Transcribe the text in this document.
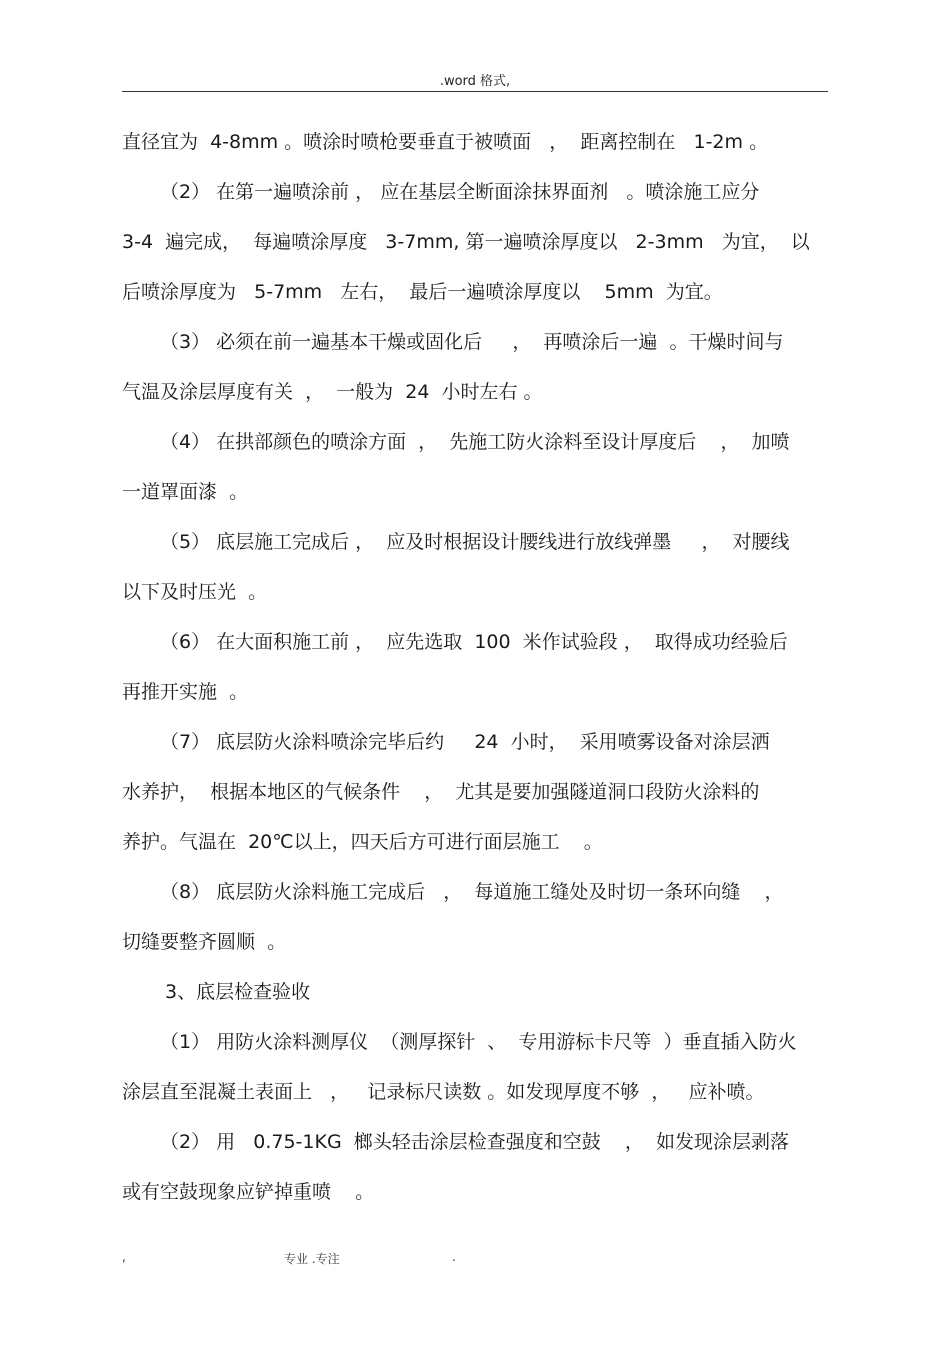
.word 格式,
直径宜为  4-8mm 。喷涂时喷枪要垂直于被喷面   ，  距离控制在   1-2m 。
（2） 在第一遍喷涂前 ， 应在基层全断面涂抹界面剂   。喷涂施工应分
3-4  遍完成，  每遍喷涂厚度   3-7mm, 第一遍喷涂厚度以   2-3mm   为宜，  以
后喷涂厚度为   5-7mm   左右，  最后一遍喷涂厚度以    5mm  为宜。
（3） 必须在前一遍基本干燥或固化后     ，  再喷涂后一遍  。干燥时间与
气温及涂层厚度有关  ，  一般为  24  小时左右 。
（4） 在拱部颜色的喷涂方面  ，  先施工防火涂料至设计厚度后    ，  加喷
一道罩面漆  。
（5） 底层施工完成后 ，  应及时根据设计腰线进行放线弹墨     ，  对腰线
以下及时压光  。
（6） 在大面积施工前 ，  应先选取  100  米作试验段 ，  取得成功经验后
再推开实施  。
（7） 底层防火涂料喷涂完毕后约     24  小时，  采用喷雾设备对涂层洒
水养护，  根据本地区的气候条件    ，  尤其是要加强隧道洞口段防火涂料的
养护。气温在  20℃以上，四天后方可进行面层施工    。
（8） 底层防火涂料施工完成后   ，  每道施工缝处及时切一条环向缝    ，
切缝要整齐圆顺  。
3、底层检查验收
（1） 用防火涂料测厚仪  （测厚探针  、  专用游标卡尺等  ）垂直插入防火
涂层直至混凝土表面上   ，   记录标尺读数 。如发现厚度不够  ，   应补喷。
（2） 用   0.75-1KG  榔头轻击涂层检查强度和空鼓    ，  如发现涂层剥落
或有空鼓现象应铲掉重喷    。
,	专业 .专注	.
